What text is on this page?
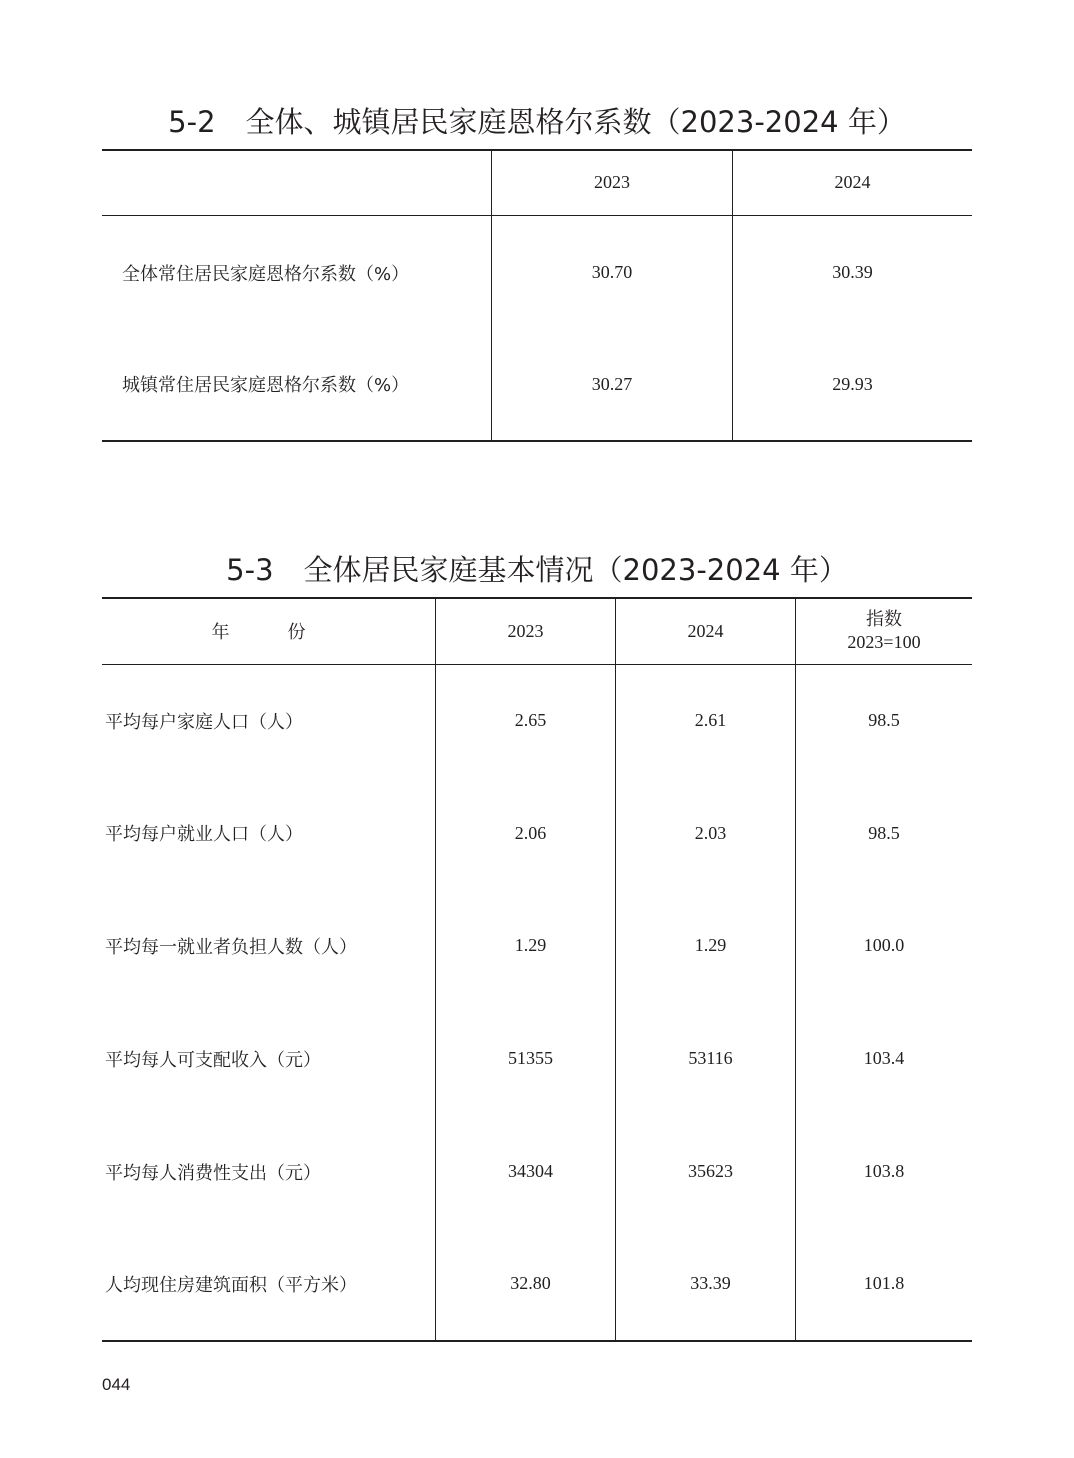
5-2 全体、城镇居民家庭恩格尔系数（2023-2024 年）
	2023	2024
全体常住居民家庭恩格尔系数（%）	30.70	30.39
城镇常住居民家庭恩格尔系数（%）	30.27	29.93
5-3 全体居民家庭基本情况（2023-2024 年）
年　份	2023	2024	指数
2023=100

平均每户家庭人口（人）	2.65	2.61	98.5
平均每户就业人口（人）	2.06	2.03	98.5
平均每一就业者负担人数（人）	1.29	1.29	100.0
平均每人可支配收入（元）	51355	53116	103.4
平均每人消费性支出（元）	34304	35623	103.8
人均现住房建筑面积（平方米）	32.80	33.39	101.8
044
